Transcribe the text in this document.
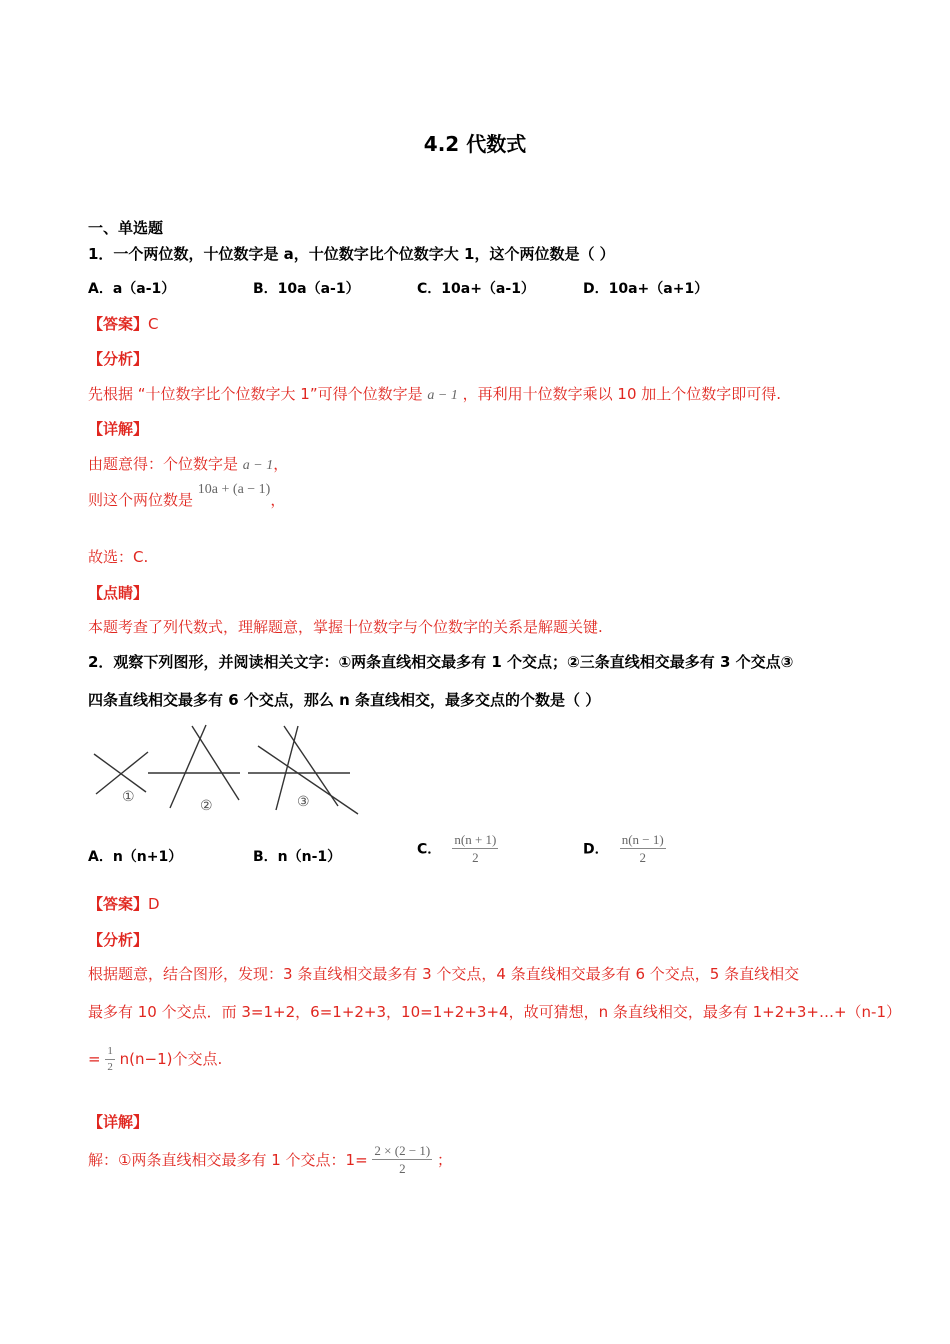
4.2 代数式
一、单选题
1．一个两位数，十位数字是 a，十位数字比个位数字大 1，这个两位数是（ ）
A．a（a-1）	B．10a（a-1）	C．10a+（a-1）	D．10a+（a+1）
【答案】C
【分析】
先根据 “十位数字比个位数字大 1”可得个位数字是 a − 1 ，再利用十位数字乘以 10 加上个位数字即可得.
【详解】
由题意得：个位数字是 a − 1，
则这个两位数是 10a + (a − 1)，
故选：C.
【点睛】
本题考查了列代数式，理解题意，掌握十位数字与个位数字的关系是解题关键.
2．观察下列图形，并阅读相关文字：①两条直线相交最多有 1 个交点；②三条直线相交最多有 3 个交点③
四条直线相交最多有 6 个交点，那么 n 条直线相交，最多交点的个数是（ ）
①
②	③
A．n（n+1）	B．n（n-1）	C． $\frac{n(n + 1)}{2}$	D． $\frac{n(n - 1)}{2}$
【答案】D
【分析】
根据题意，结合图形，发现：3 条直线相交最多有 3 个交点，4 条直线相交最多有 6 个交点，5 条直线相交
最多有 10 个交点．而 3=1+2，6=1+2+3，10=1+2+3+4，故可猜想，n 条直线相交，最多有 1+2+3+…+（n-1）
= $\frac{1}{2} n(n-1)$个交点.
【详解】
解：①两条直线相交最多有 1 个交点：$1= \frac{2 \times (2 - 1)}{2}$ ；
